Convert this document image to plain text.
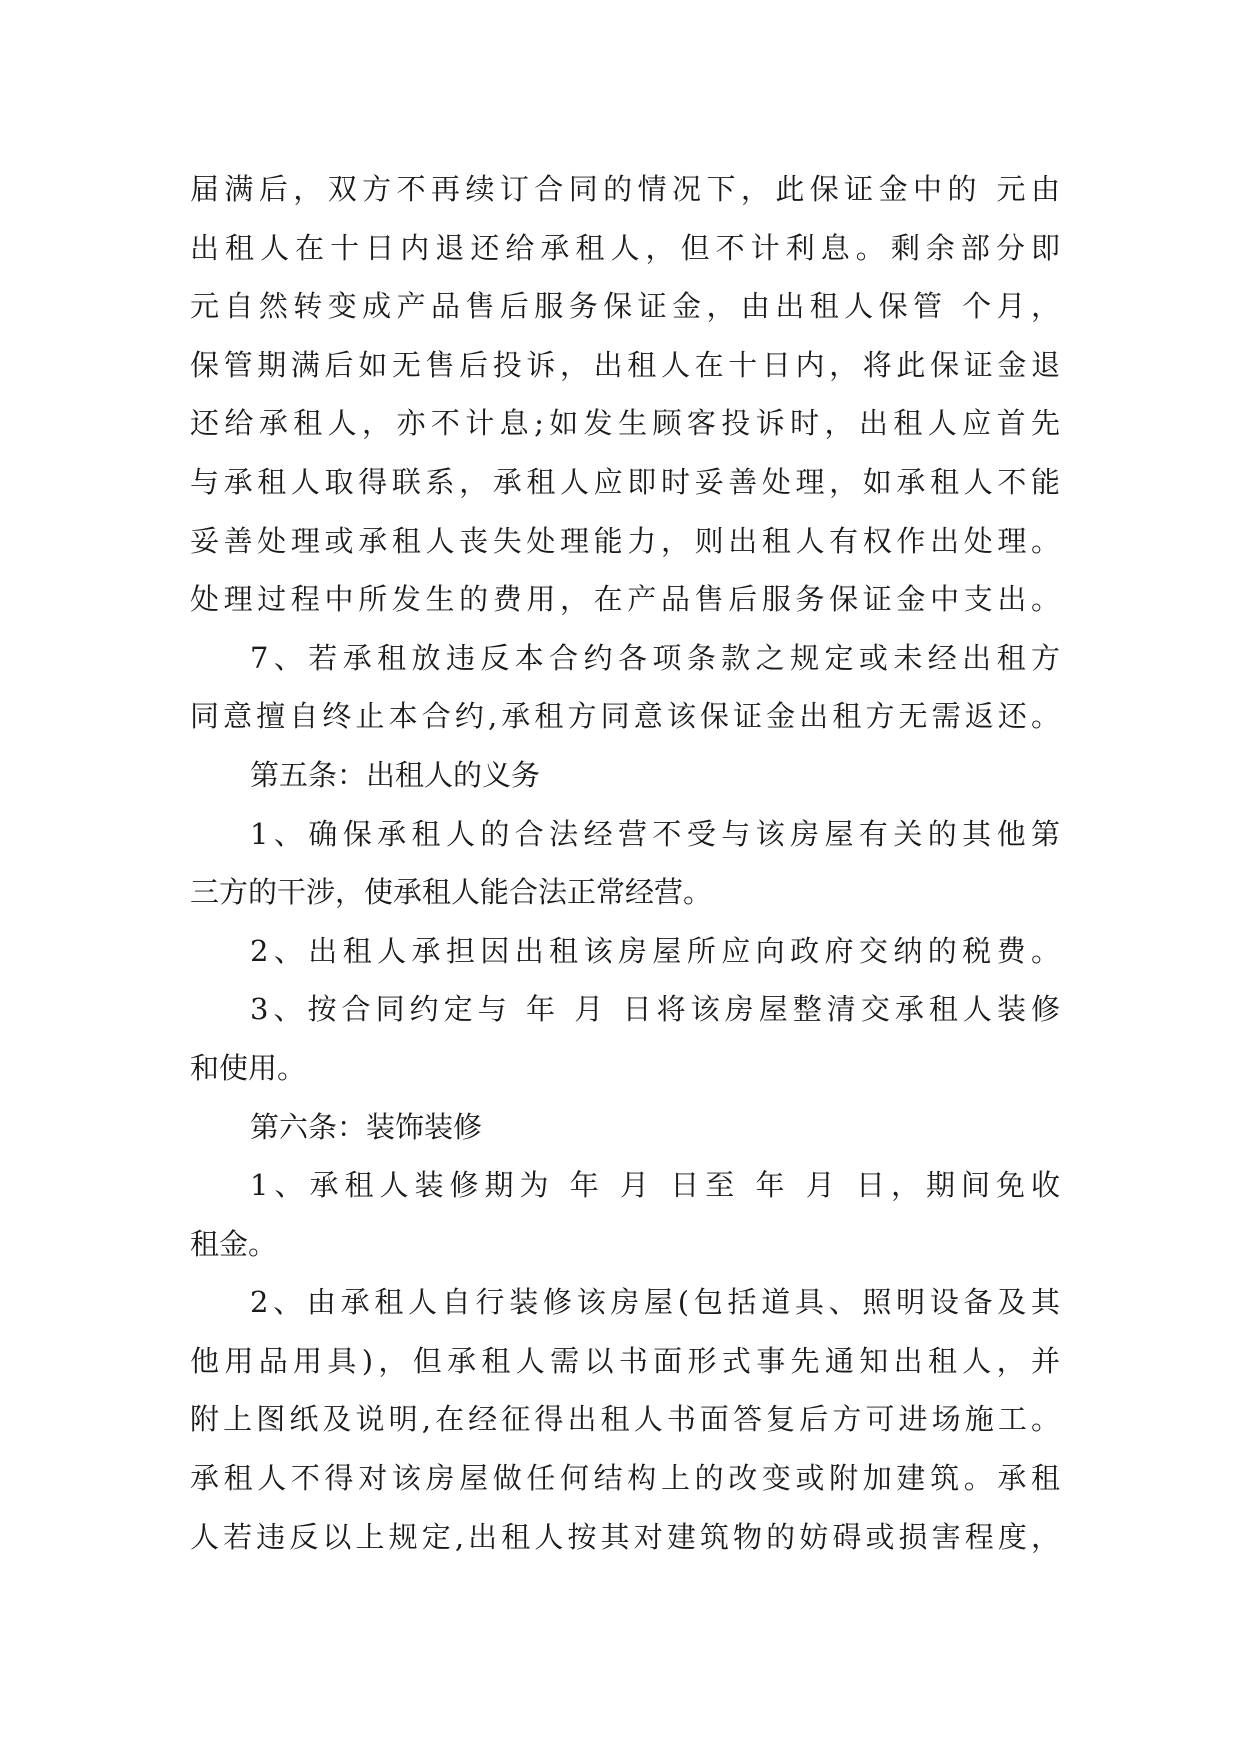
届满后，双方不再续订合同的情况下，此保证金中的 元由
出租人在十日内退还给承租人，但不计利息。剩余部分即
元自然转变成产品售后服务保证金，由出租人保管 个月，
保管期满后如无售后投诉，出租人在十日内，将此保证金退
还给承租人，亦不计息;如发生顾客投诉时，出租人应首先
与承租人取得联系，承租人应即时妥善处理，如承租人不能
妥善处理或承租人丧失处理能力，则出租人有权作出处理。
处理过程中所发生的费用，在产品售后服务保证金中支出。
7、若承租放违反本合约各项条款之规定或未经出租方
同意擅自终止本合约,承租方同意该保证金出租方无需返还。
第五条：出租人的义务
1、确保承租人的合法经营不受与该房屋有关的其他第
三方的干涉，使承租人能合法正常经营。
2、出租人承担因出租该房屋所应向政府交纳的税费。
3、按合同约定与 年 月 日将该房屋整清交承租人装修
和使用。
第六条：装饰装修
1、承租人装修期为 年 月 日至 年 月 日，期间免收
租金。
2、由承租人自行装修该房屋(包括道具、照明设备及其
他用品用具)，但承租人需以书面形式事先通知出租人，并
附上图纸及说明,在经征得出租人书面答复后方可进场施工。
承租人不得对该房屋做任何结构上的改变或附加建筑。承租
人若违反以上规定,出租人按其对建筑物的妨碍或损害程度，
